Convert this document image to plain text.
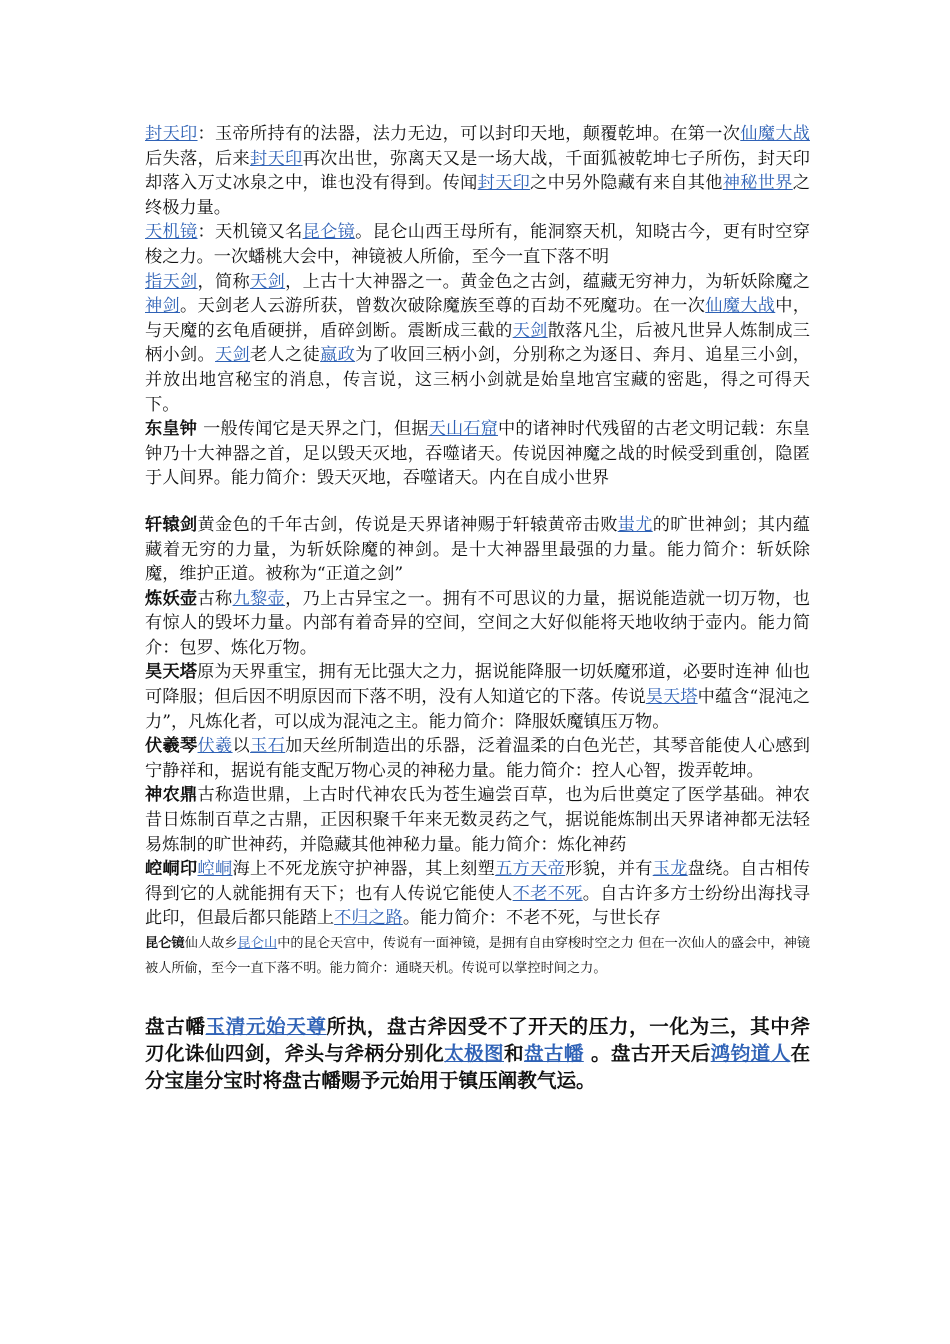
封天印：玉帝所持有的法器，法力无边，可以封印天地，颠覆乾坤。在第一次仙魔大战后失落，后来封天印再次出世，弥离天又是一场大战，千面狐被乾坤七子所伤，封天印却落入万丈冰泉之中，谁也没有得到。传闻封天印之中另外隐藏有来自其他神秘世界之终极力量。

天机镜：天机镜又名昆仑镜。昆仑山西王母所有，能洞察天机，知晓古今，更有时空穿梭之力。一次蟠桃大会中，神镜被人所偷，至今一直下落不明

指天剑，简称天剑，上古十大神器之一。黄金色之古剑，蕴藏无穷神力，为斩妖除魔之神剑。天剑老人云游所获，曾数次破除魔族至尊的百劫不死魔功。在一次仙魔大战中，与天魔的玄龟盾硬拼，盾碎剑断。震断成三截的天剑散落凡尘，后被凡世异人炼制成三柄小剑。天剑老人之徒嬴政为了收回三柄小剑，分别称之为逐日、奔月、追星三小剑，并放出地宫秘宝的消息，传言说，这三柄小剑就是始皇地宫宝藏的密匙，得之可得天下。

东皇钟 一般传闻它是天界之门，但据天山石窟中的诸神时代残留的古老文明记载：东皇钟乃十大神器之首，足以毁天灭地，吞噬诸天。传说因神魔之战的时候受到重创，隐匿于人间界。能力简介：毁天灭地，吞噬诸天。内在自成小世界

轩辕剑黄金色的千年古剑，传说是天界诸神赐于轩辕黄帝击败蚩尤的旷世神剑；其内蕴藏着无穷的力量，为斩妖除魔的神剑。是十大神器里最强的力量。能力简介：斩妖除魔，维护正道。被称为“正道之剑”

炼妖壶古称九黎壶，乃上古异宝之一。拥有不可思议的力量，据说能造就一切万物，也有惊人的毁坏力量。内部有着奇异的空间，空间之大好似能将天地收纳于壶内。能力简介：包罗、炼化万物。

昊天塔原为天界重宝，拥有无比强大之力，据说能降服一切妖魔邪道，必要时连神 仙也可降服；但后因不明原因而下落不明，没有人知道它的下落。传说昊天塔中蕴含“混沌之力”，凡炼化者，可以成为混沌之主。能力简介：降服妖魔镇压万物。

伏羲琴伏羲以玉石加天丝所制造出的乐器，泛着温柔的白色光芒，其琴音能使人心感到宁静祥和，据说有能支配万物心灵的神秘力量。能力简介：控人心智，拨弄乾坤。

神农鼎古称造世鼎，上古时代神农氏为苍生遍尝百草，也为后世奠定了医学基础。神农昔日炼制百草之古鼎，正因积聚千年来无数灵药之气，据说能炼制出天界诸神都无法轻易炼制的旷世神药，并隐藏其他神秘力量。能力简介：炼化神药

崆峒印崆峒海上不死龙族守护神器，其上刻塑五方天帝形貌，并有玉龙盘绕。自古相传得到它的人就能拥有天下；也有人传说它能使人不老不死。自古许多方士纷纷出海找寻此印，但最后都只能踏上不归之路。能力简介：不老不死，与世长存

昆仑镜仙人故乡昆仑山中的昆仑天宫中，传说有一面神镜，是拥有自由穿梭时空之力 但在一次仙人的盛会中，神镜被人所偷，至今一直下落不明。能力简介：通晓天机。传说可以掌控时间之力。

盘古幡玉清元始天尊所执，盘古斧因受不了开天的压力，一化为三，其中斧刃化诛仙四剑，斧头与斧柄分别化太极图和盘古幡 。盘古开天后鸿钧道人在分宝崖分宝时将盘古幡赐予元始用于镇压阐教气运。
